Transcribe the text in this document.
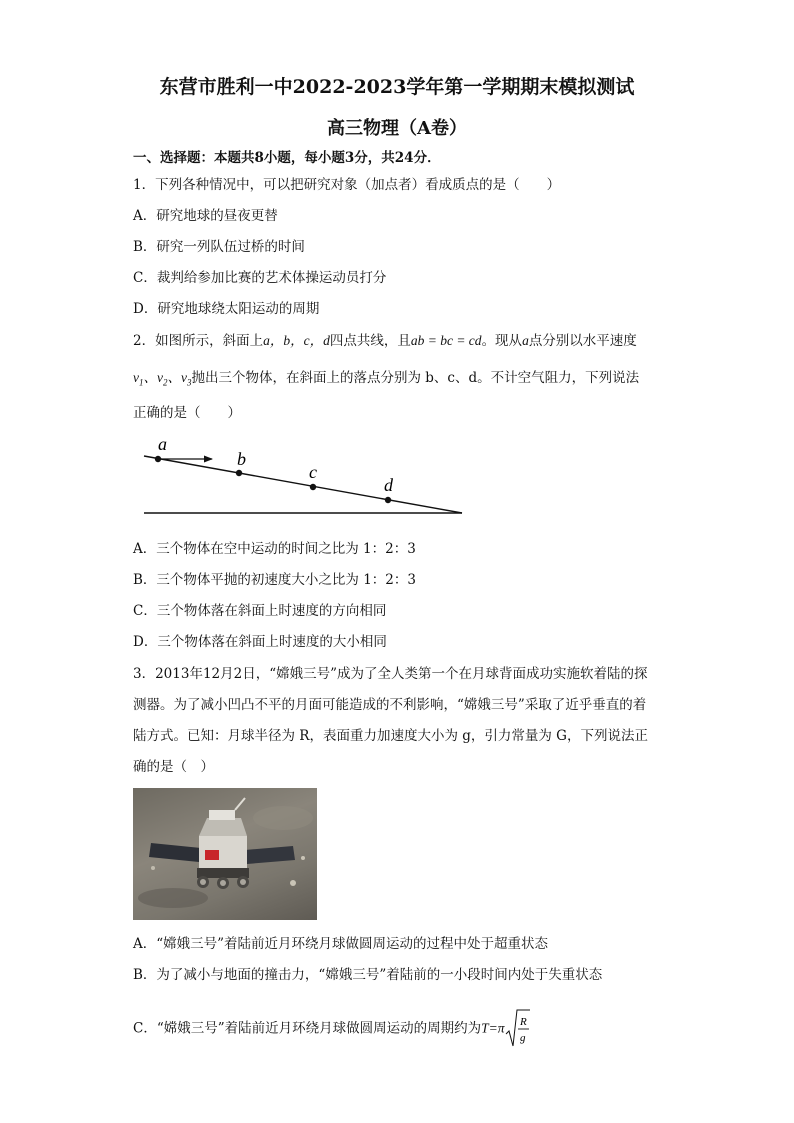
东营市胜利一中2022-2023学年第一学期期末模拟测试
高三物理（A卷）
一、选择题：本题共8小题，每小题3分，共24分．
1．下列各种情况中，可以把研究对象（加点者）看成质点的是（　　）
A．研究地球的昼夜更替
B．研究一列队伍过桥的时间
C．裁判给参加比赛的艺术体操运动员打分
D．研究地球绕太阳运动的周期
2．如图所示，斜面上a，b，c，d四点共线，且ab = bc = cd。现从a点分别以水平速度
$v_1$、$v_2$、$v_3$抛出三个物体，在斜面上的落点分别为 b、c、d。不计空气阻力，下列说法
正确的是（　　）
a
b
c
d
A．三个物体在空中运动的时间之比为 1：2：3
B．三个物体平抛的初速度大小之比为 1：2：3
C．三个物体落在斜面上时速度的方向相同
D．三个物体落在斜面上时速度的大小相同
3．2013年12月2日，“嫦娥三号”成为了全人类第一个在月球背面成功实施软着陆的探
测器。为了减小凹凸不平的月面可能造成的不利影响，“嫦娥三号”采取了近乎垂直的着
陆方式。已知：月球半径为 R，表面重力加速度大小为 g，引力常量为 G，下列说法正
确的是（　）
A．“嫦娥三号”着陆前近月环绕月球做圆周运动的过程中处于超重状态
B．为了减小与地面的撞击力，“嫦娥三号”着陆前的一小段时间内处于失重状态
C．“嫦娥三号”着陆前近月环绕月球做圆周运动的周期约为T=π R
g
